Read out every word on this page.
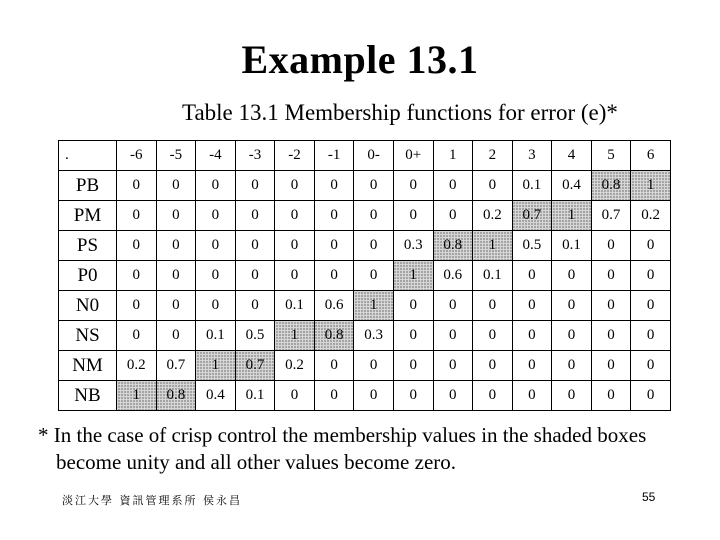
Example 13.1
Table 13.1 Membership functions for error (e)*
.	-6	-5	-4	-3	-2	-1	0-	0+	1	2	3	4	5	6
PB	0	0	0	0	0	0	0	0	0	0	0.1	0.4	0.8	1
PM	0	0	0	0	0	0	0	0	0	0.2	0.7	1	0.7	0.2
PS	0	0	0	0	0	0	0	0.3	0.8	1	0.5	0.1	0	0
P0	0	0	0	0	0	0	0	1	0.6	0.1	0	0	0	0
N0	0	0	0	0	0.1	0.6	1	0	0	0	0	0	0	0
NS	0	0	0.1	0.5	1	0.8	0.3	0	0	0	0	0	0	0
NM	0.2	0.7	1	0.7	0.2	0	0	0	0	0	0	0	0	0
NB	1	0.8	0.4	0.1	0	0	0	0	0	0	0	0	0	0
* In the case of crisp control the membership values in the shaded boxes
become unity and all other values become zero.
淡江大學 資訊管理系所 侯永昌	55
